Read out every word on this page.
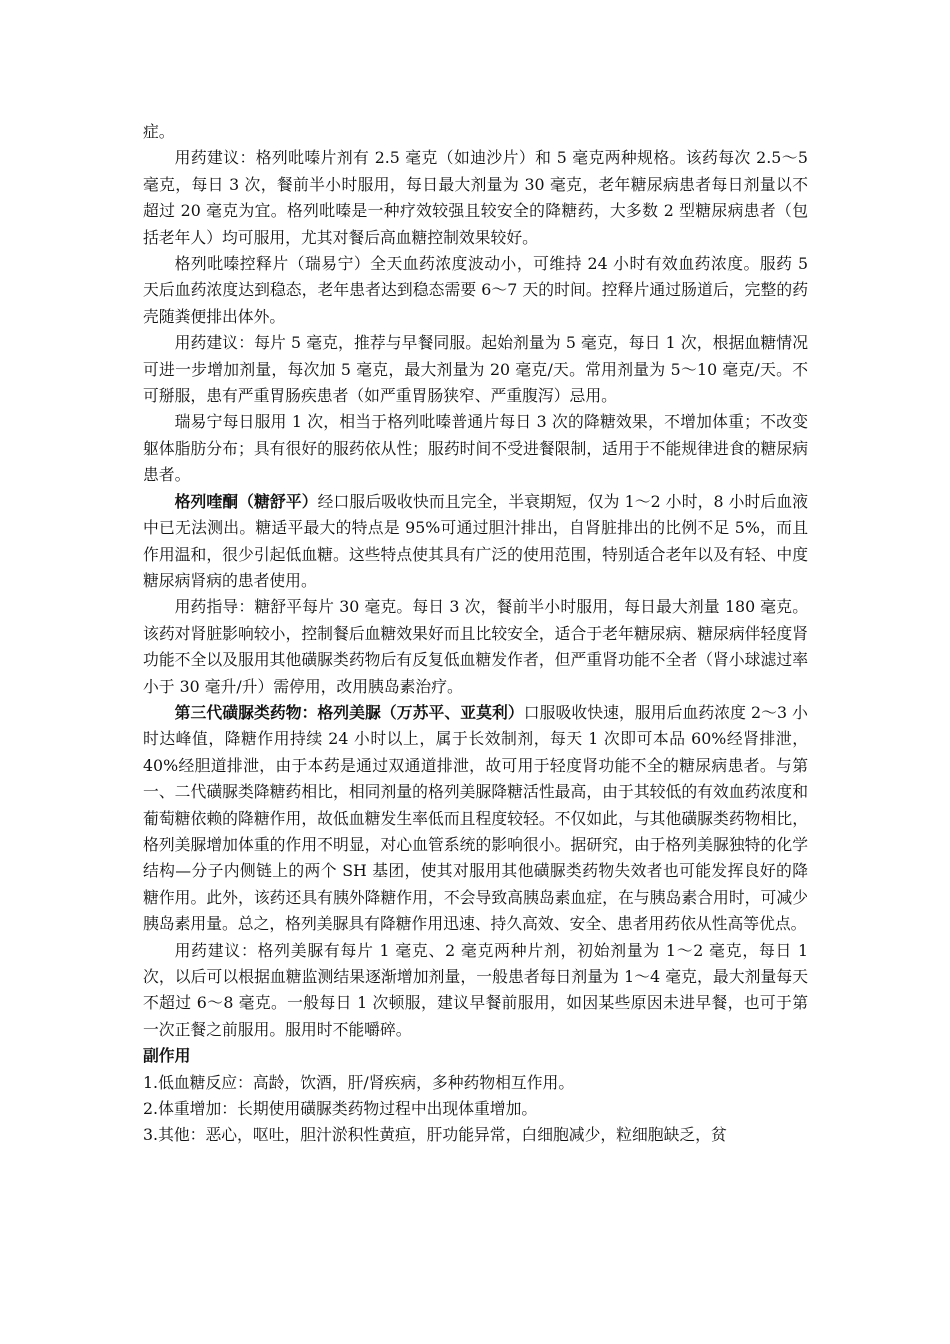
症。

用药建议：格列吡嗪片剂有 2.5 毫克（如迪沙片）和 5 毫克两种规格。该药每次 2.5～5 毫克，每日 3 次，餐前半小时服用，每日最大剂量为 30 毫克，老年糖尿病患者每日剂量以不超过 20 毫克为宜。格列吡嗪是一种疗效较强且较安全的降糖药，大多数 2 型糖尿病患者（包括老年人）均可服用，尤其对餐后高血糖控制效果较好。

格列吡嗪控释片（瑞易宁）全天血药浓度波动小，可维持 24 小时有效血药浓度。服药 5 天后血药浓度达到稳态，老年患者达到稳态需要 6～7 天的时间。控释片通过肠道后，完整的药壳随粪便排出体外。

用药建议：每片 5 毫克，推荐与早餐同服。起始剂量为 5 毫克，每日 1 次，根据血糖情况可进一步增加剂量，每次加 5 毫克，最大剂量为 20 毫克/天。常用剂量为 5～10 毫克/天。不可掰服，患有严重胃肠疾患者（如严重胃肠狭窄、严重腹泻）忌用。

瑞易宁每日服用 1 次，相当于格列吡嗪普通片每日 3 次的降糖效果，不增加体重；不改变躯体脂肪分布；具有很好的服药依从性；服药时间不受进餐限制，适用于不能规律进食的糖尿病患者。

格列喹酮（糖舒平）经口服后吸收快而且完全，半衰期短，仅为 1～2 小时，8 小时后血液中已无法测出。糖适平最大的特点是 95%可通过胆汁排出，自肾脏排出的比例不足 5%，而且作用温和，很少引起低血糖。这些特点使其具有广泛的使用范围，特别适合老年以及有轻、中度糖尿病肾病的患者使用。

用药指导：糖舒平每片 30 毫克。每日 3 次，餐前半小时服用，每日最大剂量 180 毫克。该药对肾脏影响较小，控制餐后血糖效果好而且比较安全，适合于老年糖尿病、糖尿病伴轻度肾功能不全以及服用其他磺脲类药物后有反复低血糖发作者，但严重肾功能不全者（肾小球滤过率小于 30 毫升/升）需停用，改用胰岛素治疗。

第三代磺脲类药物：格列美脲（万苏平、亚莫利）口服吸收快速，服用后血药浓度 2～3 小时达峰值，降糖作用持续 24 小时以上，属于长效制剂，每天 1 次即可本品 60%经肾排泄，40%经胆道排泄，由于本药是通过双通道排泄，故可用于轻度肾功能不全的糖尿病患者。与第一、二代磺脲类降糖药相比，相同剂量的格列美脲降糖活性最高，由于其较低的有效血药浓度和葡萄糖依赖的降糖作用，故低血糖发生率低而且程度较轻。不仅如此，与其他磺脲类药物相比，格列美脲增加体重的作用不明显，对心血管系统的影响很小。据研究，由于格列美脲独特的化学结构—分子内侧链上的两个 SH 基团，使其对服用其他磺脲类药物失效者也可能发挥良好的降糖作用。此外，该药还具有胰外降糖作用，不会导致高胰岛素血症，在与胰岛素合用时，可减少胰岛素用量。总之，格列美脲具有降糖作用迅速、持久高效、安全、患者用药依从性高等优点。

用药建议：格列美脲有每片 1 毫克、2 毫克两种片剂，初始剂量为 1～2 毫克，每日 1 次，以后可以根据血糖监测结果逐渐增加剂量，一般患者每日剂量为 1～4 毫克，最大剂量每天不超过 6～8 毫克。一般每日 1 次顿服，建议早餐前服用，如因某些原因未进早餐，也可于第一次正餐之前服用。服用时不能嚼碎。

副作用

1.低血糖反应：高龄，饮酒，肝/肾疾病，多种药物相互作用。

2.体重增加：长期使用磺脲类药物过程中出现体重增加。

3.其他：恶心，呕吐，胆汁淤积性黄疸，肝功能异常，白细胞减少，粒细胞缺乏，贫
